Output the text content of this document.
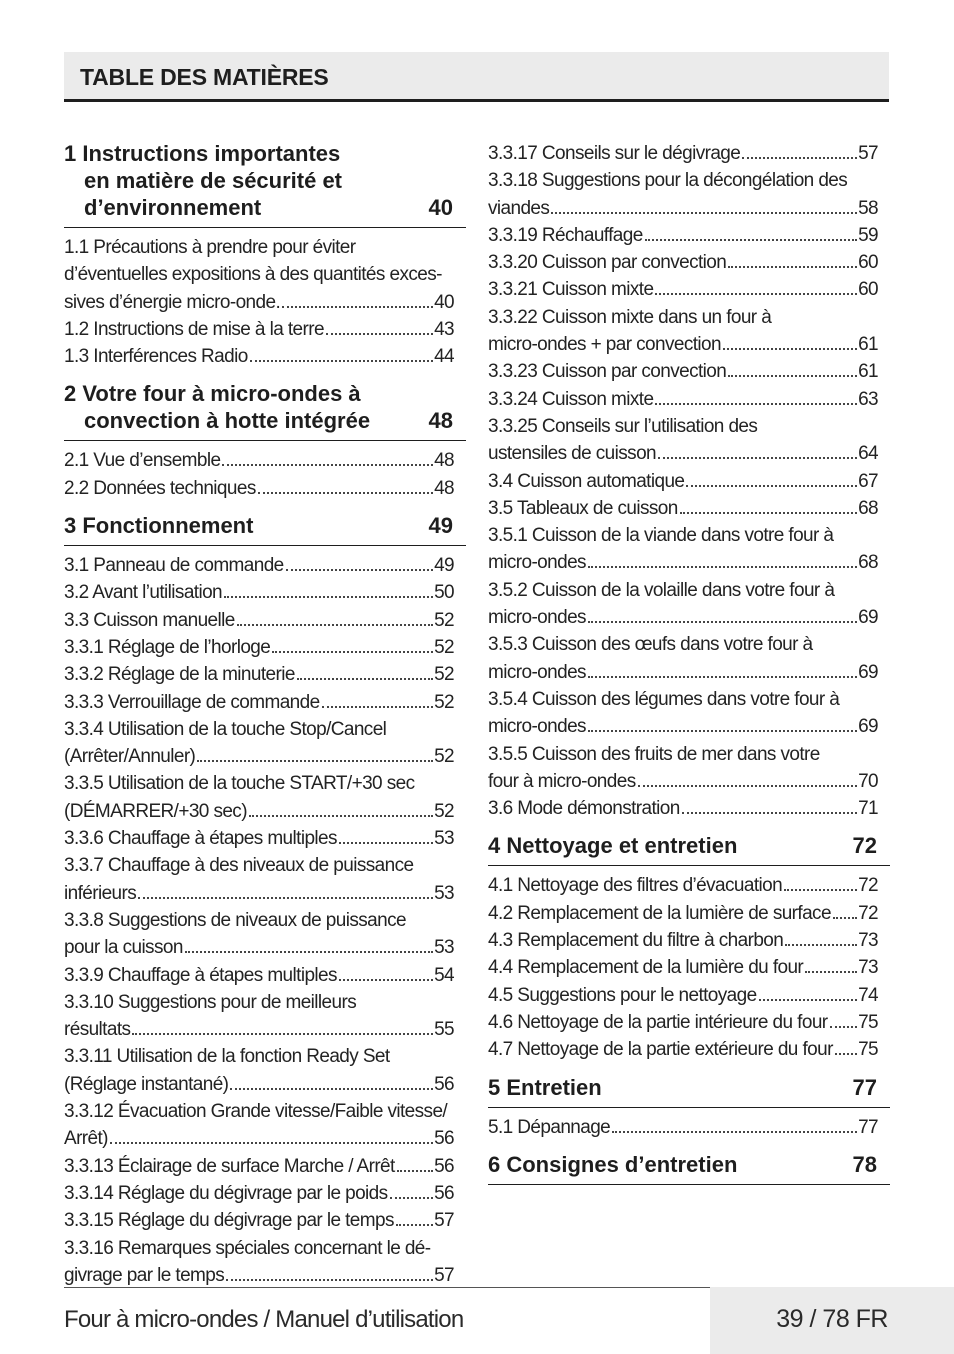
TABLE DES MATIÈRES
1 Instructions importantes
en matière de sécurité et
d’environnement	40
1.1 Précautions à prendre pour éviter
d’éventuelles expositions à des quantités exces-
sives d’énergie micro-onde.	40
1.2 Instructions de mise à la terre	43
1.3 Interférences Radio	44
2 Votre four à micro-ondes à
convection à hotte intégrée	48
2.1 Vue d’ensemble	48
2.2 Données techniques	48
3 Fonctionnement	49
3.1 Panneau de commande	49
3.2 Avant l’utilisation	50
3.3 Cuisson manuelle	52
3.3.1 Réglage de l’horloge	52
3.3.2 Réglage de la minuterie	52
3.3.3 Verrouillage de commande	52
3.3.4 Utilisation de la touche Stop/Cancel
(Arrêter/Annuler)	52
3.3.5 Utilisation de la touche START/+30 sec
(DÉMARRER/+30 sec)	52
3.3.6 Chauffage à étapes multiples	53
3.3.7 Chauffage à des niveaux de puissance
inférieurs	53
3.3.8 Suggestions de niveaux de puissance
pour la cuisson	53
3.3.9 Chauffage à étapes multiples	54
3.3.10 Suggestions pour de meilleurs
résultats	55
3.3.11 Utilisation de la fonction Ready Set
(Réglage instantané)	56
3.3.12 Évacuation Grande vitesse/Faible vitesse/
Arrêt)	56
3.3.13 Éclairage de surface Marche / Arrêt 56
3.3.14 Réglage du dégivrage par le poids 56
3.3.15 Réglage du dégivrage par le temps 57
3.3.16 Remarques spéciales concernant le dé-
givrage par le temps	57
3.3.17 Conseils sur le dégivrage	57
3.3.18 Suggestions pour la décongélation des
viandes	58
3.3.19 Réchauffage	59
3.3.20 Cuisson par convection	60
3.3.21 Cuisson mixte	60
3.3.22 Cuisson mixte dans un four à
micro-ondes + par convection	61
3.3.23 Cuisson par convection	61
3.3.24 Cuisson mixte	63
3.3.25 Conseils sur l’utilisation des
ustensiles de cuisson	64
3.4 Cuisson automatique	67
3.5 Tableaux de cuisson	68
3.5.1 Cuisson de la viande dans votre four à
micro-ondes	68
3.5.2 Cuisson de la volaille dans votre four à
micro-ondes	69
3.5.3 Cuisson des œufs dans votre four à
micro-ondes	69
3.5.4 Cuisson des légumes dans votre four à
micro-ondes	69
3.5.5 Cuisson des fruits de mer dans votre
four à micro-ondes	70
3.6 Mode démonstration	71
4 Nettoyage et entretien	72
4.1 Nettoyage des filtres d’évacuation	72
4.2 Remplacement de la lumière de surface 72
4.3 Remplacement du filtre à charbon	73
4.4 Remplacement de la lumière du four	73
4.5 Suggestions pour le nettoyage	74
4.6 Nettoyage de la partie intérieure du four 75
4.7 Nettoyage de la partie extérieure du four 75
5 Entretien	77
5.1 Dépannage	77
6 Consignes d’entretien	78
Four à micro-ondes / Manuel d’utilisation	39 / 78 FR
